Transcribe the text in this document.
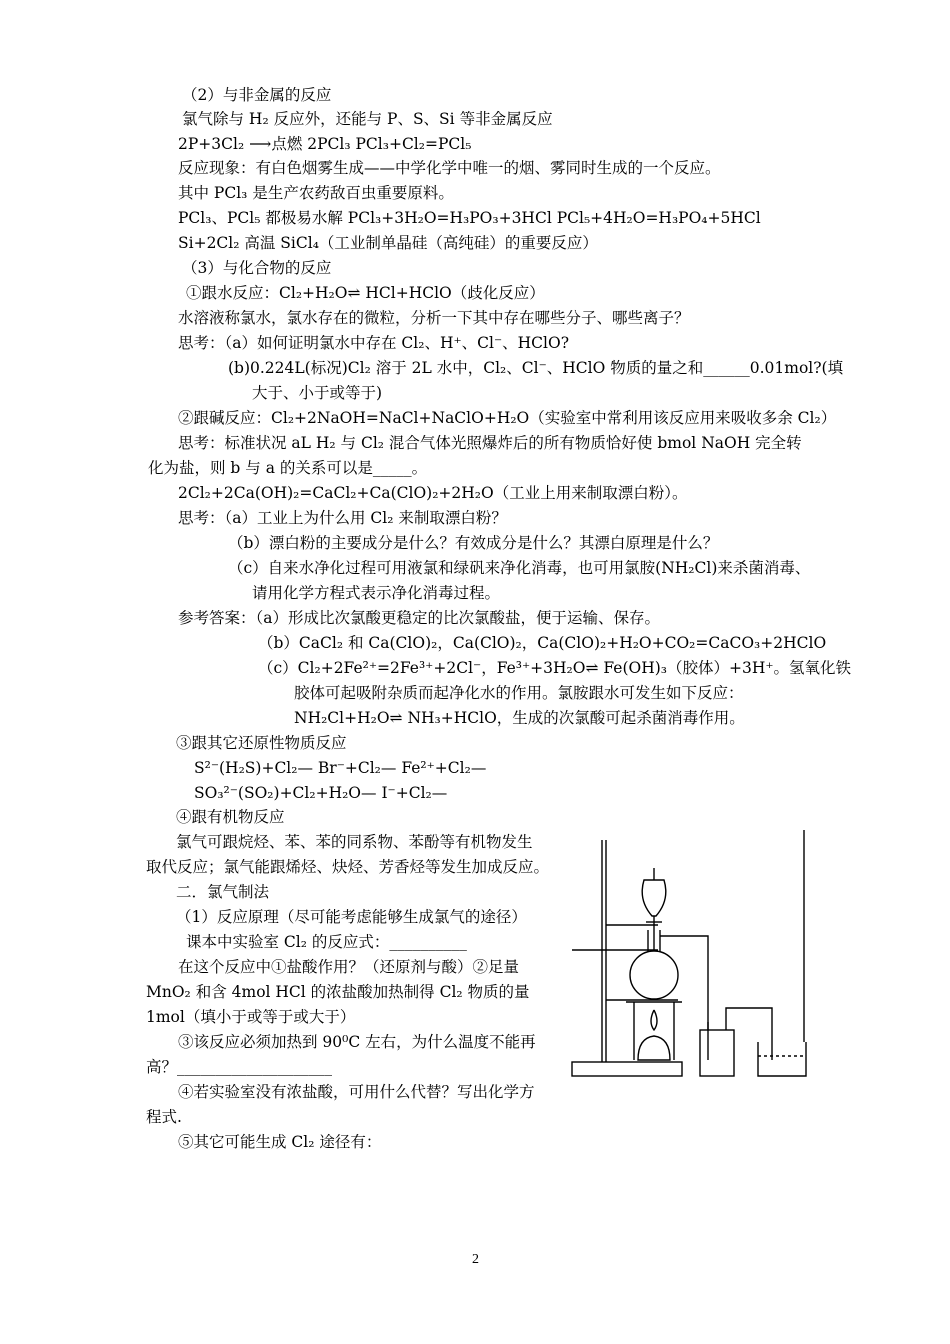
（2）与非金属的反应
氯气除与 H₂ 反应外，还能与 P、S、Si 等非金属反应
2P+3Cl₂ ⟶点燃 2PCl₃ PCl₃+Cl₂=PCl₅
反应现象：有白色烟雾生成——中学化学中唯一的烟、雾同时生成的一个反应。
其中 PCl₃ 是生产农药敌百虫重要原料。
PCl₃、PCl₅ 都极易水解 PCl₃+3H₂O=H₃PO₃+3HCl PCl₅+4H₂O=H₃PO₄+5HCl
Si+2Cl₂ 高温 SiCl₄（工业制单晶硅（高纯硅）的重要反应）
（3）与化合物的反应
①跟水反应：Cl₂+H₂O⇌ HCl+HClO（歧化反应）
水溶液称氯水，氯水存在的微粒，分析一下其中存在哪些分子、哪些离子？
思考：（a）如何证明氯水中存在 Cl₂、H⁺、Cl⁻、HClO?
(b)0.224L(标况)Cl₂ 溶于 2L 水中，Cl₂、Cl⁻、HClO 物质的量之和______0.01mol?(填
大于、小于或等于)
②跟碱反应：Cl₂+2NaOH=NaCl+NaClO+H₂O（实验室中常利用该反应用来吸收多余 Cl₂）
思考：标准状况 aL H₂ 与 Cl₂ 混合气体光照爆炸后的所有物质恰好使 bmol NaOH 完全转
化为盐，则 b 与 a 的关系可以是_____。
2Cl₂+2Ca(OH)₂=CaCl₂+Ca(ClO)₂+2H₂O（工业上用来制取漂白粉）。
思考：（a）工业上为什么用 Cl₂ 来制取漂白粉？
（b）漂白粉的主要成分是什么？有效成分是什么？其漂白原理是什么？
（c）自来水净化过程可用液氯和绿矾来净化消毒，也可用氯胺(NH₂Cl)来杀菌消毒、
请用化学方程式表示净化消毒过程。
参考答案：（a）形成比次氯酸更稳定的比次氯酸盐，便于运输、保存。
（b）CaCl₂ 和 Ca(ClO)₂，Ca(ClO)₂，Ca(ClO)₂+H₂O+CO₂=CaCO₃+2HClO
（c）Cl₂+2Fe²⁺=2Fe³⁺+2Cl⁻，Fe³⁺+3H₂O⇌ Fe(OH)₃（胶体）+3H⁺。氢氧化铁
胶体可起吸附杂质而起净化水的作用。氯胺跟水可发生如下反应：
NH₂Cl+H₂O⇌ NH₃+HClO，生成的次氯酸可起杀菌消毒作用。
③跟其它还原性物质反应
S²⁻(H₂S)+Cl₂— Br⁻+Cl₂— Fe²⁺+Cl₂—
SO₃²⁻(SO₂)+Cl₂+H₂O— I⁻+Cl₂—
④跟有机物反应
氯气可跟烷烃、苯、苯的同系物、苯酚等有机物发生
取代反应；氯气能跟烯烃、炔烃、芳香烃等发生加成反应。
二．氯气制法
（1）反应原理（尽可能考虑能够生成氯气的途径）
课本中实验室 Cl₂ 的反应式：__________
在这个反应中①盐酸作用？（还原剂与酸）②足量
MnO₂ 和含 4mol HCl 的浓盐酸加热制得 Cl₂ 物质的量
1mol（填小于或等于或大于）
③该反应必须加热到 90⁰C 左右，为什么温度不能再
高？____________________
④若实验室没有浓盐酸，可用什么代替？写出化学方
程式.
⑤其它可能生成 Cl₂ 途径有：
2
